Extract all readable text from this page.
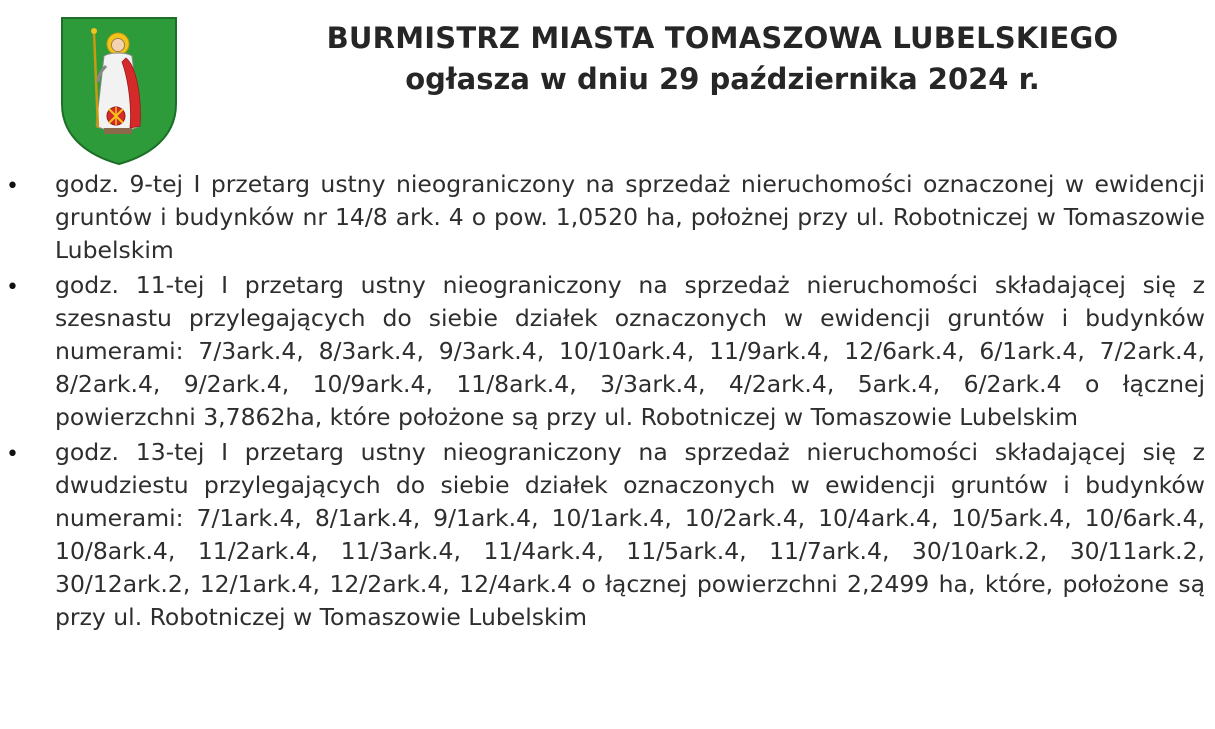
BURMISTRZ MIASTA TOMASZOWA LUBELSKIEGO
ogłasza w dniu 29 października 2024 r.
• godz. 9-tej I przetarg ustny nieograniczony na sprzedaż nieruchomości oznaczonej w ewidencji gruntów i budynków nr 14/8 ark. 4 o pow. 1,0520 ha, położnej przy ul. Robotniczej w Tomaszowie Lubelskim
• godz. 11-tej I przetarg ustny nieograniczony na sprzedaż nieruchomości składającej się z szesnastu przylegających do siebie działek oznaczonych w ewidencji gruntów i budynków numerami: 7/3ark.4, 8/3ark.4, 9/3ark.4, 10/10ark.4, 11/9ark.4, 12/6ark.4, 6/1ark.4, 7/2ark.4, 8/2ark.4, 9/2ark.4, 10/9ark.4, 11/8ark.4, 3/3ark.4, 4/2ark.4, 5ark.4, 6/2ark.4 o łącznej powierzchni 3,7862ha, które położone są przy ul. Robotniczej w Tomaszowie Lubelskim
• godz. 13-tej I przetarg ustny nieograniczony na sprzedaż nieruchomości składającej się z dwudziestu przylegających do siebie działek oznaczonych w ewidencji gruntów i budynków numerami: 7/1ark.4, 8/1ark.4, 9/1ark.4, 10/1ark.4, 10/2ark.4, 10/4ark.4, 10/5ark.4, 10/6ark.4, 10/8ark.4, 11/2ark.4, 11/3ark.4, 11/4ark.4, 11/5ark.4, 11/7ark.4, 30/10ark.2, 30/11ark.2, 30/12ark.2, 12/1ark.4, 12/2ark.4, 12/4ark.4 o łącznej powierzchni 2,2499 ha, które, położone są przy ul. Robotniczej w Tomaszowie Lubelskim
